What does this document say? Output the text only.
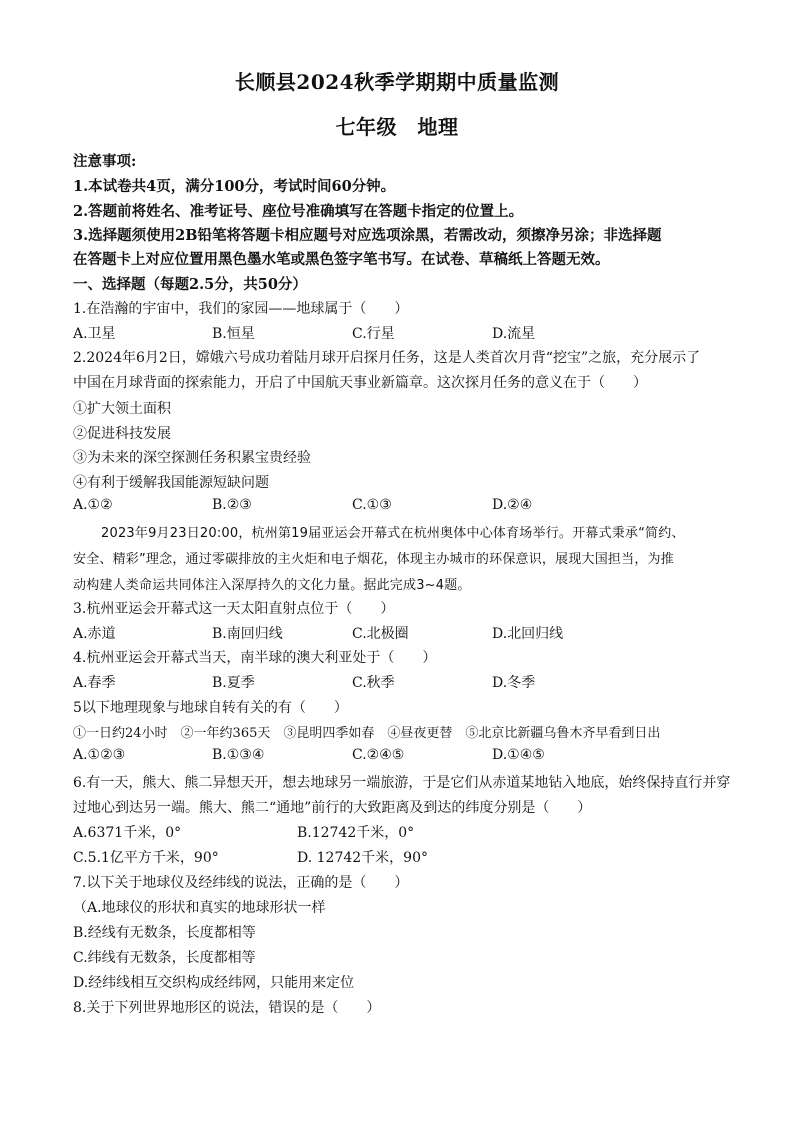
长顺县2024秋季学期期中质量监测
七年级　地理
注意事项:
1.本试卷共4页，满分100分，考试时间60分钟。
2.答题前将姓名、准考证号、座位号准确填写在答题卡指定的位置上。
3.选择题须使用2B铅笔将答题卡相应题号对应选项涂黑，若需改动，须擦净另涂；非选择题
在答题卡上对应位置用黑色墨水笔或黑色签字笔书写。在试卷、草稿纸上答题无效。
一、选择题（每题2.5分，共50分）
1.在浩瀚的宇宙中，我们的家园——地球属于（　　）
A.卫星	B.恒星	C.行星	D.流星
2.2024年6月2日，嫦娥六号成功着陆月球开启探月任务，这是人类首次月背“挖宝”之旅，充分展示了
中国在月球背面的探索能力，开启了中国航天事业新篇章。这次探月任务的意义在于（　　）
①扩大领土面积
②促进科技发展
③为未来的深空探测任务积累宝贵经验
④有利于缓解我国能源短缺问题
A.①②	B.②③	C.①③	D.②④
2023年9月23日20:00，杭州第19届亚运会开幕式在杭州奥体中心体育场举行。开幕式秉承“简约、
安全、精彩”理念，通过零碳排放的主火炬和电子烟花，体现主办城市的环保意识，展现大国担当，为推
动构建人类命运共同体注入深厚持久的文化力量。据此完成3~4题。
3.杭州亚运会开幕式这一天太阳直射点位于（　　）
A.赤道	B.南回归线	C.北极圈	D.北回归线
4.杭州亚运会开幕式当天，南半球的澳大利亚处于（　　）
A.春季	B.夏季	C.秋季	D.冬季
5以下地理现象与地球自转有关的有（　　）
①一日约24小时　②一年约365天　③昆明四季如春　④昼夜更替　⑤北京比新疆乌鲁木齐早看到日出
A.①②③	B.①③④	C.②④⑤	D.①④⑤
6.有一天，熊大、熊二异想天开，想去地球另一端旅游，于是它们从赤道某地钻入地底，始终保持直行并穿
过地心到达另一端。熊大、熊二“通地”前行的大致距离及到达的纬度分别是（　　）
A.6371千米，0°	B.12742千米，0°
C.5.1亿平方千米，90°	D. 12742千米，90°
7.以下关于地球仪及经纬线的说法，正确的是（　　）
（A.地球仪的形状和真实的地球形状一样
B.经线有无数条，长度都相等
C.纬线有无数条，长度都相等
D.经纬线相互交织构成经纬网，只能用来定位
8.关于下列世界地形区的说法，错误的是（　　）
